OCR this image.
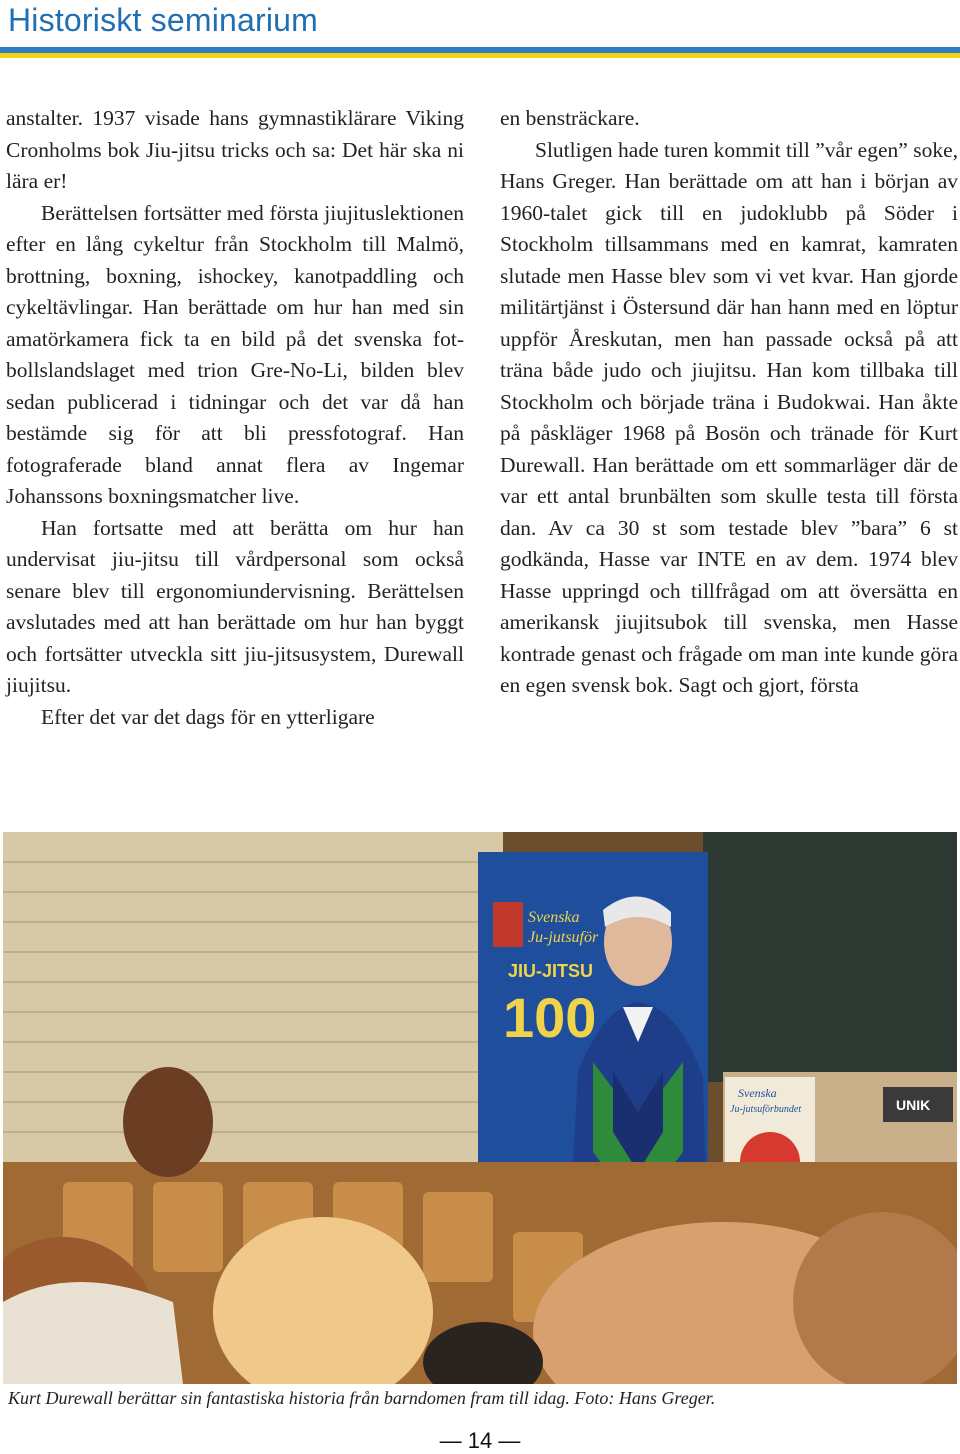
Historiskt seminarium

anstalter. 1937 visade hans gymnastiklärare Viking Cronholms bok Jiu-jitsu tricks och sa: Det här ska ni lära er!

Berättelsen fortsätter med första jiujituslektionen efter en lång cykeltur från Stockholm till Malmö, brottning, boxning, ishockey, kanotpaddling och cykeltävlingar. Han berättade om hur han med sin amatörkamera fick ta en bild på det svenska fotbollslandslaget med trion Gre-No-Li, bilden blev sedan publicerad i tidningar och det var då han bestämde sig för att bli pressfotograf. Han fotograferade bland annat flera av Ingemar Johanssons boxningsmatcher live.

Han fortsatte med att berätta om hur han undervisat jiu-jitsu till vårdpersonal som också senare blev till ergonomiundervisning. Berättelsen avslutades med att han berättade om hur han byggt och fortsätter utveckla sitt jiu-jitsusystem, Durewall jiujitsu.

Efter det var det dags för en ytterligare

en bensträckare.

Slutligen hade turen kommit till ”vår egen” soke, Hans Greger. Han berättade om att han i början av 1960-talet gick till en judoklubb på Söder i Stockholm tillsammans med en kamrat, kamraten slutade men Hasse blev som vi vet kvar. Han gjorde militärtjänst i Östersund där han hann med en löptur uppför Åreskutan, men han passade också på att träna både judo och jiujitsu. Han kom tillbaka till Stockholm och började träna i Budokwai. Han åkte på påskläger 1968 på Bosön och tränade för Kurt Durewall. Han berättade om ett sommarläger där de var ett antal brunbälten som skulle testa till första dan. Av ca 30 st som testade blev ”bara” 6 st godkända, Hasse var INTE en av dem. 1974 blev Hasse uppringd och tillfrågad om att översätta en amerikansk jiujitsubok till svenska, men Hasse kontrade genast och frågade om man inte kunde göra en egen svensk bok. Sagt och gjort, första

Svenska
Ju-jutsuför
JIU-JITSU
100
Svenska
Ju-jutsuförbundet	UNIK
Kurt Durewall berättar sin fantastiska historia från barndomen fram till idag. Foto: Hans Greger.
— 14 —
